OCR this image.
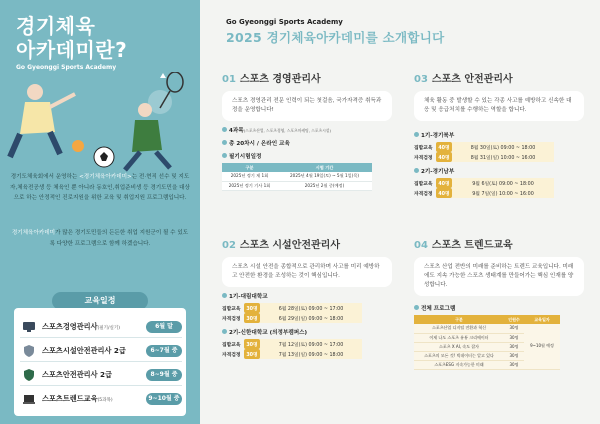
경기체육
아카데미란?
Go Gyeonggi Sports Academy
경기도체육회에서 운영하는 <경기체육아카데미>는 전·현직 선수 및 지도자,체육전공생 등 체육인 뿐 아니라 동호인,취업준비생 등 경기도민을 대상으로 하는 안정적인 진로지원을 위한 교육 및 취업지원 프로그램입니다.
경기체육아카데미가 많은 경기도민들의 든든한 취업 지원군이 될 수 있도록 다양한 프로그램으로 함께 하겠습니다.
교육일정
스포츠경영관리사(필기/실기)	6월 말
스포츠시설안전관리사 2급	6~7월 중
스포츠안전관리사 2급	8~9월 중
스포츠트렌드교육(5과목)	9~10월 중
Go Gyeonggi Sports Academy
2025 경기체육아카데미를 소개합니다
01 스포츠 경영관리사
스포츠 경영관리 전문 인력이 되는 첫걸음, 국가자격증 취득과정을 운영합니다!
4과목(스포츠산업, 스포츠경영, 스포츠마케팅, 스포츠시설)
총 20차시 / 온라인 교육
필기시험일정
구분	시험 기간
2025년 정기 제 1회	2025년 4월 19일(토) ~ 5월 1일(목)
2025년 정기 기사 1회	2025년 2월 중(예정)
02 스포츠 시설안전관리사
스포츠 시설 안전을 종합적으로 관리하며 사고를 미리 예방하고 안전한 환경을 조성하는 것이 핵심입니다.
1기-대림대학교
집합교육	30명	6월 28일(토) 09:00 ~ 17:00
자격검정	30명	6월 29일(일) 09:00 ~ 18:00
2기-신한대학교 (의정부캠퍼스)
집합교육	30명	7월 12일(토) 09:00 ~ 17:00
자격검정	30명	7월 13일(일) 09:00 ~ 18:00
03 스포츠 안전관리사
체육 활동 중 발생할 수 있는 각종 사고를 예방하고 신속한 대응 및 응급처치를 수행하는 역할을 합니다.
1기-경기북부
집합교육	40명	8월 30일(토) 09:00 ~ 18:00
자격검정	40명	8월 31일(일) 10:00 ~ 16:00
2기-경기남부
집합교육	40명	9월 6일(토) 09:00 ~ 18:00
자격검정	40명	9월 7일(일) 10:00 ~ 16:00
04 스포츠 트렌드교육
스포츠 산업 전반의 미래를 준비하는 트렌드 교육입니다. 미래에도 지속 가능한 스포츠 생태계를 만들어가는 핵심 인재를 양성합니다.
전체 프로그램
구분	인원수	교육일자
스포츠산업 디지털 전환과 혁신	30명	9~10월 예정
이제 나도 스포츠 유튜 크리에이터	30명	
스포츠 X AI, 속도 잡자	30명	
스포츠의 모든 것! 빅데이터는 알고 있다	30명	
스포츠ESG 지속가능한 미래	30명	
